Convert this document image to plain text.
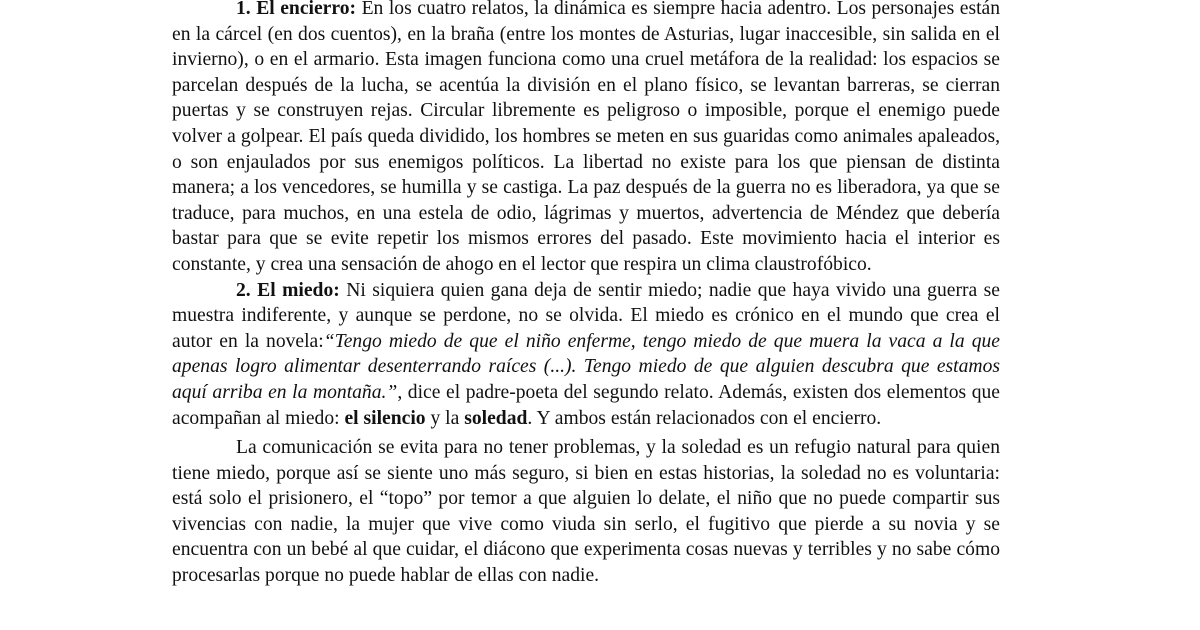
1. El encierro: En los cuatro relatos, la dinámica es siempre hacia adentro. Los personajes están en la cárcel (en dos cuentos), en la braña (entre los montes de Asturias, lugar inaccesible, sin salida en el invierno), o en el armario. Esta imagen funciona como una cruel metáfora de la realidad: los espacios se parcelan después de la lucha, se acentúa la división en el plano físico, se levantan barreras, se cierran puertas y se construyen rejas. Circular libremente es peligroso o imposible, porque el enemigo puede volver a golpear. El país queda dividido, los hombres se meten en sus guaridas como animales apaleados, o son enjaulados por sus enemigos políticos. La libertad no existe para los que piensan de distinta manera; a los vencedores, se humilla y se castiga. La paz después de la guerra no es liberadora, ya que se traduce, para muchos, en una estela de odio, lágrimas y muertos, advertencia de Méndez que debería bastar para que se evite repetir los mismos errores del pasado. Este movimiento hacia el interior es constante, y crea una sensación de ahogo en el lector que respira un clima claustrofóbico.

2. El miedo: Ni siquiera quien gana deja de sentir miedo; nadie que haya vivido una guerra se muestra indiferente, y aunque se perdone, no se olvida. El miedo es crónico en el mundo que crea el autor en la novela:“Tengo miedo de que el niño enferme, tengo miedo de que muera la vaca a la que apenas logro alimentar desenterrando raíces (...). Tengo miedo de que alguien descubra que estamos aquí arriba en la montaña.”, dice el padre-poeta del segundo relato. Además, existen dos elementos que acompañan al miedo: el silencio y la soledad. Y ambos están relacionados con el encierro.

La comunicación se evita para no tener problemas, y la soledad es un refugio natural para quien tiene miedo, porque así se siente uno más seguro, si bien en estas historias, la soledad no es voluntaria: está solo el prisionero, el “topo” por temor a que alguien lo delate, el niño que no puede compartir sus vivencias con nadie, la mujer que vive como viuda sin serlo, el fugitivo que pierde a su novia y se encuentra con un bebé al que cuidar, el diácono que experimenta cosas nuevas y terribles y no sabe cómo procesarlas porque no puede hablar de ellas con nadie.
